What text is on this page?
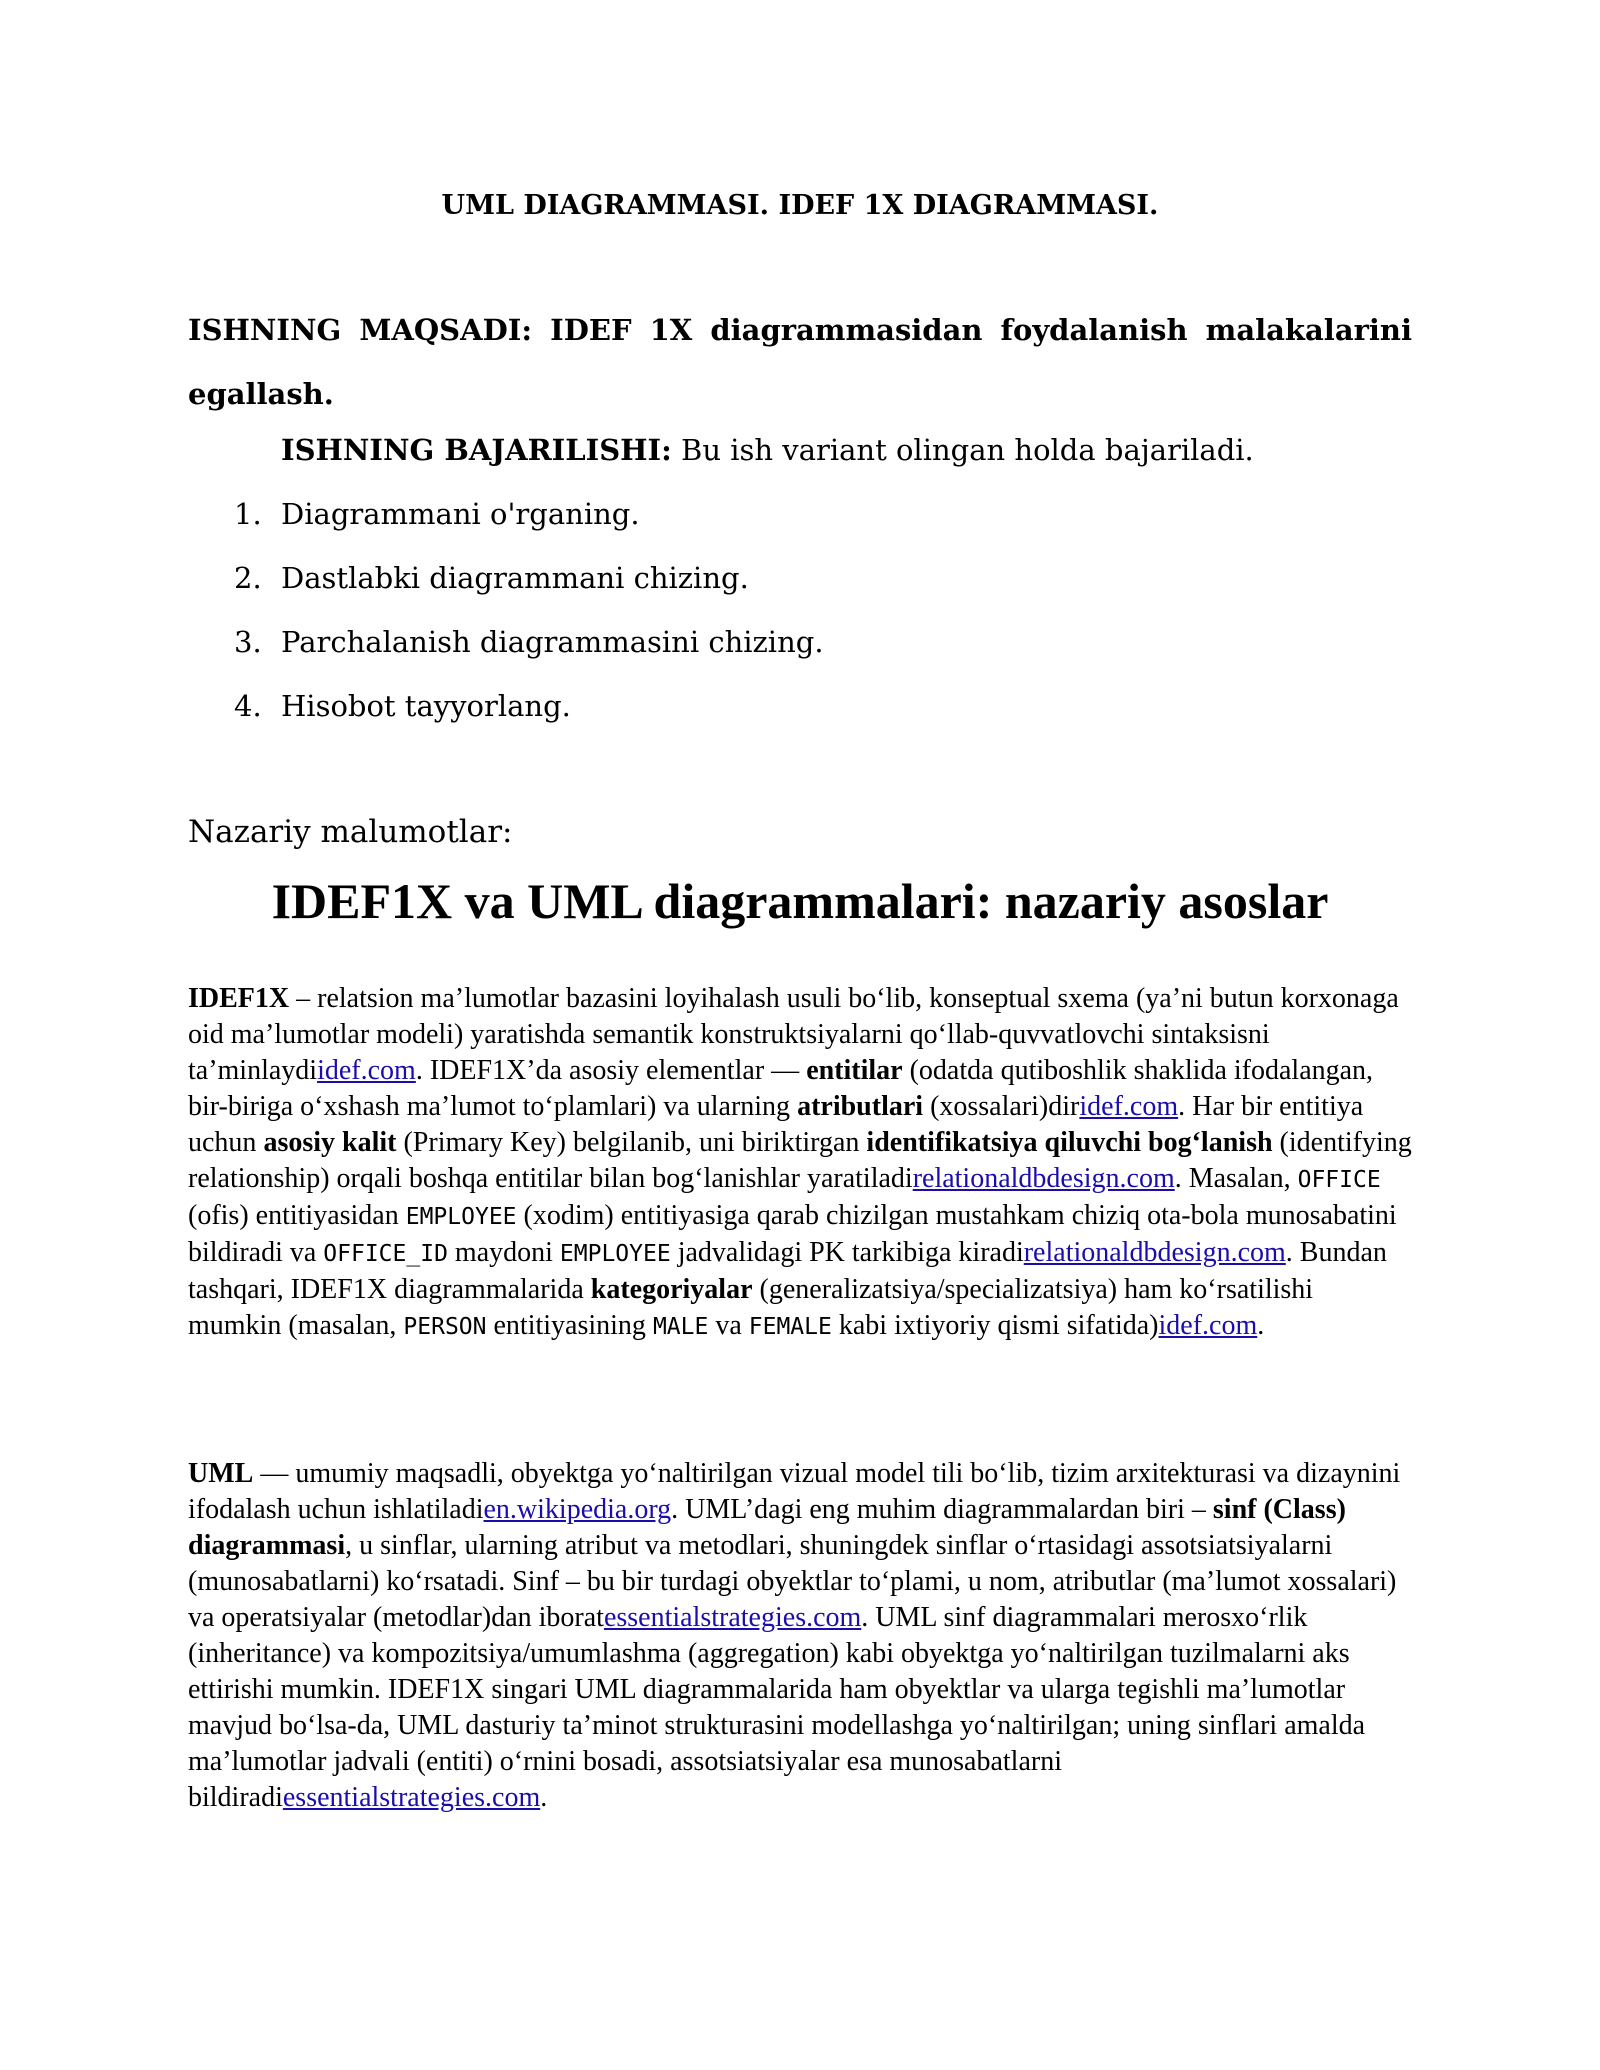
UML DIAGRAMMASI. IDEF 1X DIAGRAMMASI.
ISHNING MAQSADI: IDEF 1X diagrammasidan foydalanish malakalarini egallash.
ISHNING BAJARILISHI: Bu ish variant olingan holda bajariladi.
1. Diagrammani o'rganing.
2. Dastlabki diagrammani chizing.
3. Parchalanish diagrammasini chizing.
4. Hisobot tayyorlang.
Nazariy malumotlar:
IDEF1X va UML diagrammalari: nazariy asoslar
IDEF1X – relatsion ma’lumotlar bazasini loyihalash usuli bo‘lib, konseptual sxema (ya’ni butun korxonaga oid ma’lumotlar modeli) yaratishda semantik konstruktsiyalarni qo‘llab-quvvatlovchi sintaksisni ta’minlaydiidef.com. IDEF1X’da asosiy elementlar — entitilar (odatda qutiboshlik shaklida ifodalangan, bir-biriga o‘xshash ma’lumot to‘plamlari) va ularning atributlari (xossalari)diridef.com. Har bir entitiya uchun asosiy kalit (Primary Key) belgilanib, uni biriktirgan identifikatsiya qiluvchi bog‘lanish (identifying relationship) orqali boshqa entitilar bilan bog‘lanishlar yaratiladirelationaldbdesign.com. Masalan, OFFICE (ofis) entitiyasidan EMPLOYEE (xodim) entitiyasiga qarab chizilgan mustahkam chiziq ota-bola munosabatini bildiradi va OFFICE_ID maydoni EMPLOYEE jadvalidagi PK tarkibiga kiradirelationaldbdesign.com. Bundan tashqari, IDEF1X diagrammalarida kategoriyalar (generalizatsiya/specializatsiya) ham ko‘rsatilishi mumkin (masalan, PERSON entitiyasining MALE va FEMALE kabi ixtiyoriy qismi sifatida)idef.com.
UML — umumiy maqsadli, obyektga yo‘naltirilgan vizual model tili bo‘lib, tizim arxitekturasi va dizaynini ifodalash uchun ishlatiladien.wikipedia.org. UML’dagi eng muhim diagrammalardan biri – sinf (Class) diagrammasi, u sinflar, ularning atribut va metodlari, shuningdek sinflar o‘rtasidagi assotsiatsiyalarni (munosabatlarni) ko‘rsatadi. Sinf – bu bir turdagi obyektlar to‘plami, u nom, atributlar (ma’lumot xossalari) va operatsiyalar (metodlar)dan iboratessentialstrategies.com. UML sinf diagrammalari merosxo‘rlik (inheritance) va kompozitsiya/umumlashma (aggregation) kabi obyektga yo‘naltirilgan tuzilmalarni aks ettirishi mumkin. IDEF1X singari UML diagrammalarida ham obyektlar va ularga tegishli ma’lumotlar mavjud bo‘lsa-da, UML dasturiy ta’minot strukturasini modellashga yo‘naltirilgan; uning sinflari amalda ma’lumotlar jadvali (entiti) o‘rnini bosadi, assotsiatsiyalar esa munosabatlarni bildiradiessentialstrategies.com.
